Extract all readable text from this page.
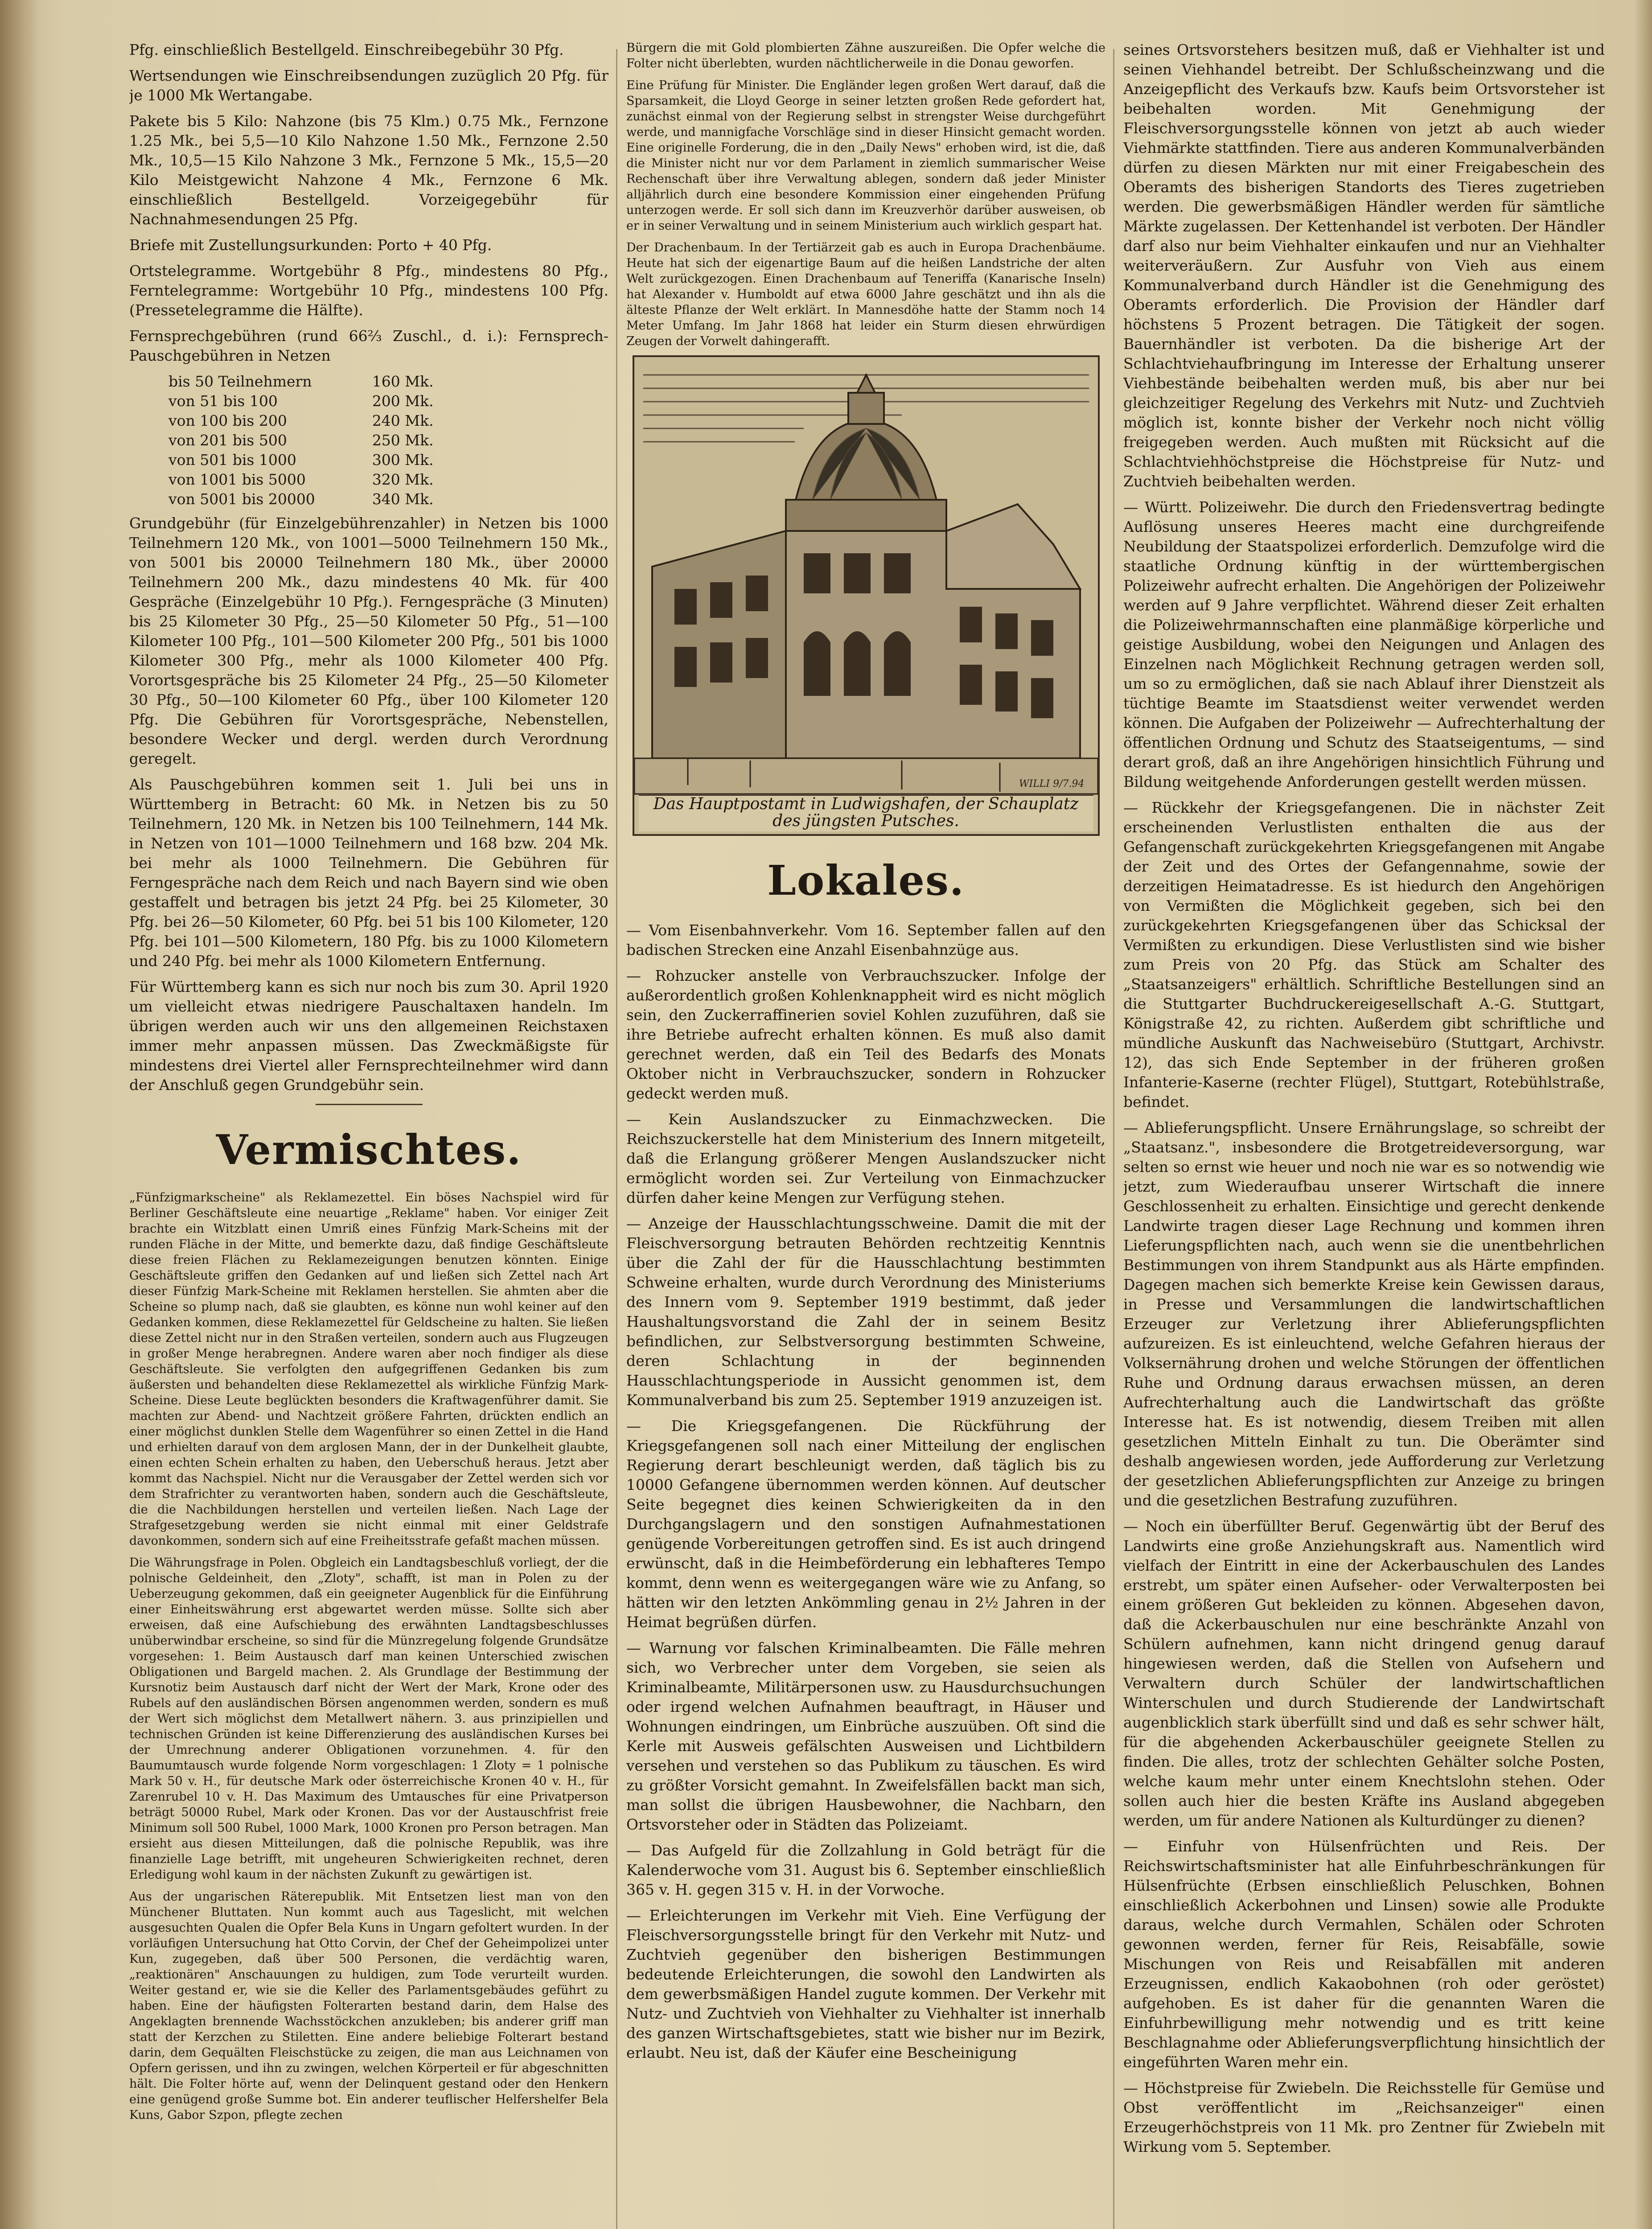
Pfg. einschließlich Bestellgeld. Einschreibegebühr 30 Pfg.

Wertsendungen wie Einschreibsendungen zuzüglich 20 Pfg. für je 1000 Mk Wertangabe.

Pakete bis 5 Kilo: Nahzone (bis 75 Klm.) 0.75 Mk., Fernzone 1.25 Mk., bei 5,5—10 Kilo Nahzone 1.50 Mk., Fernzone 2.50 Mk., 10,5—15 Kilo Nahzone 3 Mk., Fernzone 5 Mk., 15,5—20 Kilo Meistgewicht Nahzone 4 Mk., Fernzone 6 Mk. einschließlich Bestellgeld. Vorzeigegebühr für Nachnahmesendungen 25 Pfg.

Briefe mit Zustellungsurkunden: Porto + 40 Pfg.

Ortstelegramme. Wortgebühr 8 Pfg., mindestens 80 Pfg., Ferntelegramme: Wortgebühr 10 Pfg., mindestens 100 Pfg. (Pressetelegramme die Hälfte).

Fernsprechgebühren (rund 66⅔ Zuschl., d. i.): Fernsprech-Pauschgebühren in Netzen

bis 50 Teilnehmern	160 Mk.
von 51 bis 100	200 Mk.
von 100 bis 200	240 Mk.
von 201 bis 500	250 Mk.
von 501 bis 1000	300 Mk.
von 1001 bis 5000	320 Mk.
von 5001 bis 20000	340 Mk.

Grundgebühr (für Einzelgebührenzahler) in Netzen bis 1000 Teilnehmern 120 Mk., von 1001—5000 Teilnehmern 150 Mk., von 5001 bis 20000 Teilnehmern 180 Mk., über 20000 Teilnehmern 200 Mk., dazu mindestens 40 Mk. für 400 Gespräche (Einzelgebühr 10 Pfg.). Ferngespräche (3 Minuten) bis 25 Kilometer 30 Pfg., 25—50 Kilometer 50 Pfg., 51—100 Kilometer 100 Pfg., 101—500 Kilometer 200 Pfg., 501 bis 1000 Kilometer 300 Pfg., mehr als 1000 Kilometer 400 Pfg. Vorortsgespräche bis 25 Kilometer 24 Pfg., 25—50 Kilometer 30 Pfg., 50—100 Kilometer 60 Pfg., über 100 Kilometer 120 Pfg. Die Gebühren für Vorortsgespräche, Nebenstellen, besondere Wecker und dergl. werden durch Verordnung geregelt.

Als Pauschgebühren kommen seit 1. Juli bei uns in Württemberg in Betracht: 60 Mk. in Netzen bis zu 50 Teilnehmern, 120 Mk. in Netzen bis 100 Teilnehmern, 144 Mk. in Netzen von 101—1000 Teilnehmern und 168 bzw. 204 Mk. bei mehr als 1000 Teilnehmern. Die Gebühren für Ferngespräche nach dem Reich und nach Bayern sind wie oben gestaffelt und betragen bis jetzt 24 Pfg. bei 25 Kilometer, 30 Pfg. bei 26—50 Kilometer, 60 Pfg. bei 51 bis 100 Kilometer, 120 Pfg. bei 101—500 Kilometern, 180 Pfg. bis zu 1000 Kilometern und 240 Pfg. bei mehr als 1000 Kilometern Entfernung.

Für Württemberg kann es sich nur noch bis zum 30. April 1920 um vielleicht etwas niedrigere Pauschaltaxen handeln. Im übrigen werden auch wir uns den allgemeinen Reichstaxen immer mehr anpassen müssen. Das Zweckmäßigste für mindestens drei Viertel aller Fernsprechteilnehmer wird dann der Anschluß gegen Grundgebühr sein.

Vermischtes.

„Fünfzigmarkscheine" als Reklamezettel. Ein böses Nachspiel wird für Berliner Geschäftsleute eine neuartige „Reklame" haben. Vor einiger Zeit brachte ein Witzblatt einen Umriß eines Fünfzig Mark-Scheins mit der runden Fläche in der Mitte, und bemerkte dazu, daß findige Geschäftsleute diese freien Flächen zu Reklamezeigungen benutzen könnten. Einige Geschäftsleute griffen den Gedanken auf und ließen sich Zettel nach Art dieser Fünfzig Mark-Scheine mit Reklamen herstellen. Sie ahmten aber die Scheine so plump nach, daß sie glaubten, es könne nun wohl keiner auf den Gedanken kommen, diese Reklamezettel für Geldscheine zu halten. Sie ließen diese Zettel nicht nur in den Straßen verteilen, sondern auch aus Flugzeugen in großer Menge herabregnen. Andere waren aber noch findiger als diese Geschäftsleute. Sie verfolgten den aufgegriffenen Gedanken bis zum äußersten und behandelten diese Reklamezettel als wirkliche Fünfzig Mark-Scheine. Diese Leute beglückten besonders die Kraftwagenführer damit. Sie machten zur Abend- und Nachtzeit größere Fahrten, drückten endlich an einer möglichst dunklen Stelle dem Wagenführer so einen Zettel in die Hand und erhielten darauf von dem arglosen Mann, der in der Dunkelheit glaubte, einen echten Schein erhalten zu haben, den Ueberschuß heraus. Jetzt aber kommt das Nachspiel. Nicht nur die Verausgaber der Zettel werden sich vor dem Strafrichter zu verantworten haben, sondern auch die Geschäftsleute, die die Nachbildungen herstellen und verteilen ließen. Nach Lage der Strafgesetzgebung werden sie nicht einmal mit einer Geldstrafe davonkommen, sondern sich auf eine Freiheitsstrafe gefaßt machen müssen.

Die Währungsfrage in Polen. Obgleich ein Landtagsbeschluß vorliegt, der die polnische Geldeinheit, den „Zloty", schafft, ist man in Polen zu der Ueberzeugung gekommen, daß ein geeigneter Augenblick für die Einführung einer Einheitswährung erst abgewartet werden müsse. Sollte sich aber erweisen, daß eine Aufschiebung des erwähnten Landtagsbeschlusses unüberwindbar erscheine, so sind für die Münzregelung folgende Grundsätze vorgesehen: 1. Beim Austausch darf man keinen Unterschied zwischen Obligationen und Bargeld machen. 2. Als Grundlage der Bestimmung der Kursnotiz beim Austausch darf nicht der Wert der Mark, Krone oder des Rubels auf den ausländischen Börsen angenommen werden, sondern es muß der Wert sich möglichst dem Metallwert nähern. 3. aus prinzipiellen und technischen Gründen ist keine Differenzierung des ausländischen Kurses bei der Umrechnung anderer Obligationen vorzunehmen. 4. für den Baumumtausch wurde folgende Norm vorgeschlagen: 1 Zloty = 1 polnische Mark 50 v. H., für deutsche Mark oder österreichische Kronen 40 v. H., für Zarenrubel 10 v. H. Das Maximum des Umtausches für eine Privatperson beträgt 50000 Rubel, Mark oder Kronen. Das vor der Austauschfrist freie Minimum soll 500 Rubel, 1000 Mark, 1000 Kronen pro Person betragen. Man ersieht aus diesen Mitteilungen, daß die polnische Republik, was ihre finanzielle Lage betrifft, mit ungeheuren Schwierigkeiten rechnet, deren Erledigung wohl kaum in der nächsten Zukunft zu gewärtigen ist.

Aus der ungarischen Räterepublik. Mit Entsetzen liest man von den Münchener Bluttaten. Nun kommt auch aus Tageslicht, mit welchen ausgesuchten Qualen die Opfer Bela Kuns in Ungarn gefoltert wurden. In der vorläufigen Untersuchung hat Otto Corvin, der Chef der Geheimpolizei unter Kun, zugegeben, daß über 500 Personen, die verdächtig waren, „reaktionären" Anschauungen zu huldigen, zum Tode verurteilt wurden. Weiter gestand er, wie sie die Keller des Parlamentsgebäudes geführt zu haben. Eine der häufigsten Folterarten bestand darin, dem Halse des Angeklagten brennende Wachsstöckchen anzukleben; bis anderer griff man statt der Kerzchen zu Stiletten. Eine andere beliebige Folterart bestand darin, dem Gequälten Fleischstücke zu zeigen, die man aus Leichnamen von Opfern gerissen, und ihn zu zwingen, welchen Körperteil er für abgeschnitten hält. Die Folter hörte auf, wenn der Delinquent gestand oder den Henkern eine genügend große Summe bot. Ein anderer teuflischer Helfershelfer Bela Kuns, Gabor Szpon, pflegte zechen

Bürgern die mit Gold plombierten Zähne auszureißen. Die Opfer welche die Folter nicht überlebten, wurden nächtlicherweile in die Donau geworfen.

Eine Prüfung für Minister. Die Engländer legen großen Wert darauf, daß die Sparsamkeit, die Lloyd George in seiner letzten großen Rede gefordert hat, zunächst einmal von der Regierung selbst in strengster Weise durchgeführt werde, und mannigfache Vorschläge sind in dieser Hinsicht gemacht worden. Eine originelle Forderung, die in den „Daily News" erhoben wird, ist die, daß die Minister nicht nur vor dem Parlament in ziemlich summarischer Weise Rechenschaft über ihre Verwaltung ablegen, sondern daß jeder Minister alljährlich durch eine besondere Kommission einer eingehenden Prüfung unterzogen werde. Er soll sich dann im Kreuzverhör darüber ausweisen, ob er in seiner Verwaltung und in seinem Ministerium auch wirklich gespart hat.

Der Drachenbaum. In der Tertiärzeit gab es auch in Europa Drachenbäume. Heute hat sich der eigenartige Baum auf die heißen Landstriche der alten Welt zurückgezogen. Einen Drachenbaum auf Teneriffa (Kanarische Inseln) hat Alexander v. Humboldt auf etwa 6000 Jahre geschätzt und ihn als die älteste Pflanze der Welt erklärt. In Mannesdöhe hatte der Stamm noch 14 Meter Umfang. Im Jahr 1868 hat leider ein Sturm diesen ehrwürdigen Zeugen der Vorwelt dahingerafft.

WILLI 9/7.94
Das Hauptpostamt in Ludwigshafen, der Schauplatz des jüngsten Putsches.
Lokales.

— Vom Eisenbahnverkehr. Vom 16. September fallen auf den badischen Strecken eine Anzahl Eisenbahnzüge aus.

— Rohzucker anstelle von Verbrauchszucker. Infolge der außerordentlich großen Kohlenknappheit wird es nicht möglich sein, den Zuckerraffinerien soviel Kohlen zuzuführen, daß sie ihre Betriebe aufrecht erhalten können. Es muß also damit gerechnet werden, daß ein Teil des Bedarfs des Monats Oktober nicht in Verbrauchszucker, sondern in Rohzucker gedeckt werden muß.

— Kein Auslandszucker zu Einmachzwecken. Die Reichszuckerstelle hat dem Ministerium des Innern mitgeteilt, daß die Erlangung größerer Mengen Auslandszucker nicht ermöglicht worden sei. Zur Verteilung von Einmachzucker dürfen daher keine Mengen zur Verfügung stehen.

— Anzeige der Hausschlachtungsschweine. Damit die mit der Fleischversorgung betrauten Behörden rechtzeitig Kenntnis über die Zahl der für die Hausschlachtung bestimmten Schweine erhalten, wurde durch Verordnung des Ministeriums des Innern vom 9. September 1919 bestimmt, daß jeder Haushaltungsvorstand die Zahl der in seinem Besitz befindlichen, zur Selbstversorgung bestimmten Schweine, deren Schlachtung in der beginnenden Hausschlachtungsperiode in Aussicht genommen ist, dem Kommunalverband bis zum 25. September 1919 anzuzeigen ist.

— Die Kriegsgefangenen. Die Rückführung der Kriegsgefangenen soll nach einer Mitteilung der englischen Regierung derart beschleunigt werden, daß täglich bis zu 10000 Gefangene übernommen werden können. Auf deutscher Seite begegnet dies keinen Schwierigkeiten da in den Durchgangslagern und den sonstigen Aufnahmestationen genügende Vorbereitungen getroffen sind. Es ist auch dringend erwünscht, daß in die Heimbeförderung ein lebhafteres Tempo kommt, denn wenn es weitergegangen wäre wie zu Anfang, so hätten wir den letzten Ankömmling genau in 2½ Jahren in der Heimat begrüßen dürfen.

— Warnung vor falschen Kriminalbeamten. Die Fälle mehren sich, wo Verbrecher unter dem Vorgeben, sie seien als Kriminalbeamte, Militärpersonen usw. zu Hausdurchsuchungen oder irgend welchen Aufnahmen beauftragt, in Häuser und Wohnungen eindringen, um Einbrüche auszuüben. Oft sind die Kerle mit Ausweis gefälschten Ausweisen und Lichtbildern versehen und verstehen so das Publikum zu täuschen. Es wird zu größter Vorsicht gemahnt. In Zweifelsfällen backt man sich, man sollst die übrigen Hausbewohner, die Nachbarn, den Ortsvorsteher oder in Städten das Polizeiamt.

— Das Aufgeld für die Zollzahlung in Gold beträgt für die Kalenderwoche vom 31. August bis 6. September einschließlich 365 v. H. gegen 315 v. H. in der Vorwoche.

— Erleichterungen im Verkehr mit Vieh. Eine Verfügung der Fleischversorgungsstelle bringt für den Verkehr mit Nutz- und Zuchtvieh gegenüber den bisherigen Bestimmungen bedeutende Erleichterungen, die sowohl den Landwirten als dem gewerbsmäßigen Handel zugute kommen. Der Verkehr mit Nutz- und Zuchtvieh von Viehhalter zu Viehhalter ist innerhalb des ganzen Wirtschaftsgebietes, statt wie bisher nur im Bezirk, erlaubt. Neu ist, daß der Käufer eine Bescheinigung

seines Ortsvorstehers besitzen muß, daß er Viehhalter ist und seinen Viehhandel betreibt. Der Schlußscheinzwang und die Anzeigepflicht des Verkaufs bzw. Kaufs beim Ortsvorsteher ist beibehalten worden. Mit Genehmigung der Fleischversorgungsstelle können von jetzt ab auch wieder Viehmärkte stattfinden. Tiere aus anderen Kommunalverbänden dürfen zu diesen Märkten nur mit einer Freigabeschein des Oberamts des bisherigen Standorts des Tieres zugetrieben werden. Die gewerbsmäßigen Händler werden für sämtliche Märkte zugelassen. Der Kettenhandel ist verboten. Der Händler darf also nur beim Viehhalter einkaufen und nur an Viehhalter weiterveräußern. Zur Ausfuhr von Vieh aus einem Kommunalverband durch Händler ist die Genehmigung des Oberamts erforderlich. Die Provision der Händler darf höchstens 5 Prozent betragen. Die Tätigkeit der sogen. Bauernhändler ist verboten. Da die bisherige Art der Schlachtviehaufbringung im Interesse der Erhaltung unserer Viehbestände beibehalten werden muß, bis aber nur bei gleichzeitiger Regelung des Verkehrs mit Nutz- und Zuchtvieh möglich ist, konnte bisher der Verkehr noch nicht völlig freigegeben werden. Auch mußten mit Rücksicht auf die Schlachtviehhöchstpreise die Höchstpreise für Nutz- und Zuchtvieh beibehalten werden.

— Württ. Polizeiwehr. Die durch den Friedensvertrag bedingte Auflösung unseres Heeres macht eine durchgreifende Neubildung der Staatspolizei erforderlich. Demzufolge wird die staatliche Ordnung künftig in der württembergischen Polizeiwehr aufrecht erhalten. Die Angehörigen der Polizeiwehr werden auf 9 Jahre verpflichtet. Während dieser Zeit erhalten die Polizeiwehrmannschaften eine planmäßige körperliche und geistige Ausbildung, wobei den Neigungen und Anlagen des Einzelnen nach Möglichkeit Rechnung getragen werden soll, um so zu ermöglichen, daß sie nach Ablauf ihrer Dienstzeit als tüchtige Beamte im Staatsdienst weiter verwendet werden können. Die Aufgaben der Polizeiwehr — Aufrechterhaltung der öffentlichen Ordnung und Schutz des Staatseigentums, — sind derart groß, daß an ihre Angehörigen hinsichtlich Führung und Bildung weitgehende Anforderungen gestellt werden müssen.

— Rückkehr der Kriegsgefangenen. Die in nächster Zeit erscheinenden Verlustlisten enthalten die aus der Gefangenschaft zurückgekehrten Kriegsgefangenen mit Angabe der Zeit und des Ortes der Gefangennahme, sowie der derzeitigen Heimatadresse. Es ist hiedurch den Angehörigen von Vermißten die Möglichkeit gegeben, sich bei den zurückgekehrten Kriegsgefangenen über das Schicksal der Vermißten zu erkundigen. Diese Verlustlisten sind wie bisher zum Preis von 20 Pfg. das Stück am Schalter des „Staatsanzeigers" erhältlich. Schriftliche Bestellungen sind an die Stuttgarter Buchdruckereigesellschaft A.-G. Stuttgart, Königstraße 42, zu richten. Außerdem gibt schriftliche und mündliche Auskunft das Nachweisebüro (Stuttgart, Archivstr. 12), das sich Ende September in der früheren großen Infanterie-Kaserne (rechter Flügel), Stuttgart, Rotebühlstraße, befindet.

— Ablieferungspflicht. Unsere Ernährungslage, so schreibt der „Staatsanz.", insbesondere die Brotgetreideversorgung, war selten so ernst wie heuer und noch nie war es so notwendig wie jetzt, zum Wiederaufbau unserer Wirtschaft die innere Geschlossenheit zu erhalten. Einsichtige und gerecht denkende Landwirte tragen dieser Lage Rechnung und kommen ihren Lieferungspflichten nach, auch wenn sie die unentbehrlichen Bestimmungen von ihrem Standpunkt aus als Härte empfinden. Dagegen machen sich bemerkte Kreise kein Gewissen daraus, in Presse und Versammlungen die landwirtschaftlichen Erzeuger zur Verletzung ihrer Ablieferungspflichten aufzureizen. Es ist einleuchtend, welche Gefahren hieraus der Volksernährung drohen und welche Störungen der öffentlichen Ruhe und Ordnung daraus erwachsen müssen, an deren Aufrechterhaltung auch die Landwirtschaft das größte Interesse hat. Es ist notwendig, diesem Treiben mit allen gesetzlichen Mitteln Einhalt zu tun. Die Oberämter sind deshalb angewiesen worden, jede Aufforderung zur Verletzung der gesetzlichen Ablieferungspflichten zur Anzeige zu bringen und die gesetzlichen Bestrafung zuzuführen.

— Noch ein überfüllter Beruf. Gegenwärtig übt der Beruf des Landwirts eine große Anziehungskraft aus. Namentlich wird vielfach der Eintritt in eine der Ackerbauschulen des Landes erstrebt, um später einen Aufseher- oder Verwalterposten bei einem größeren Gut bekleiden zu können. Abgesehen davon, daß die Ackerbauschulen nur eine beschränkte Anzahl von Schülern aufnehmen, kann nicht dringend genug darauf hingewiesen werden, daß die Stellen von Aufsehern und Verwaltern durch Schüler der landwirtschaftlichen Winterschulen und durch Studierende der Landwirtschaft augenblicklich stark überfüllt sind und daß es sehr schwer hält, für die abgehenden Ackerbauschüler geeignete Stellen zu finden. Die alles, trotz der schlechten Gehälter solche Posten, welche kaum mehr unter einem Knechtslohn stehen. Oder sollen auch hier die besten Kräfte ins Ausland abgegeben werden, um für andere Nationen als Kulturdünger zu dienen?

— Einfuhr von Hülsenfrüchten und Reis. Der Reichswirtschaftsminister hat alle Einfuhrbeschränkungen für Hülsenfrüchte (Erbsen einschließlich Peluschken, Bohnen einschließlich Ackerbohnen und Linsen) sowie alle Produkte daraus, welche durch Vermahlen, Schälen oder Schroten gewonnen werden, ferner für Reis, Reisabfälle, sowie Mischungen von Reis und Reisabfällen mit anderen Erzeugnissen, endlich Kakaobohnen (roh oder geröstet) aufgehoben. Es ist daher für die genannten Waren die Einfuhrbewilligung mehr notwendig und es tritt keine Beschlagnahme oder Ablieferungsverpflichtung hinsichtlich der eingeführten Waren mehr ein.

— Höchstpreise für Zwiebeln. Die Reichsstelle für Gemüse und Obst veröffentlicht im „Reichsanzeiger" einen Erzeugerhöchstpreis von 11 Mk. pro Zentner für Zwiebeln mit Wirkung vom 5. September.
